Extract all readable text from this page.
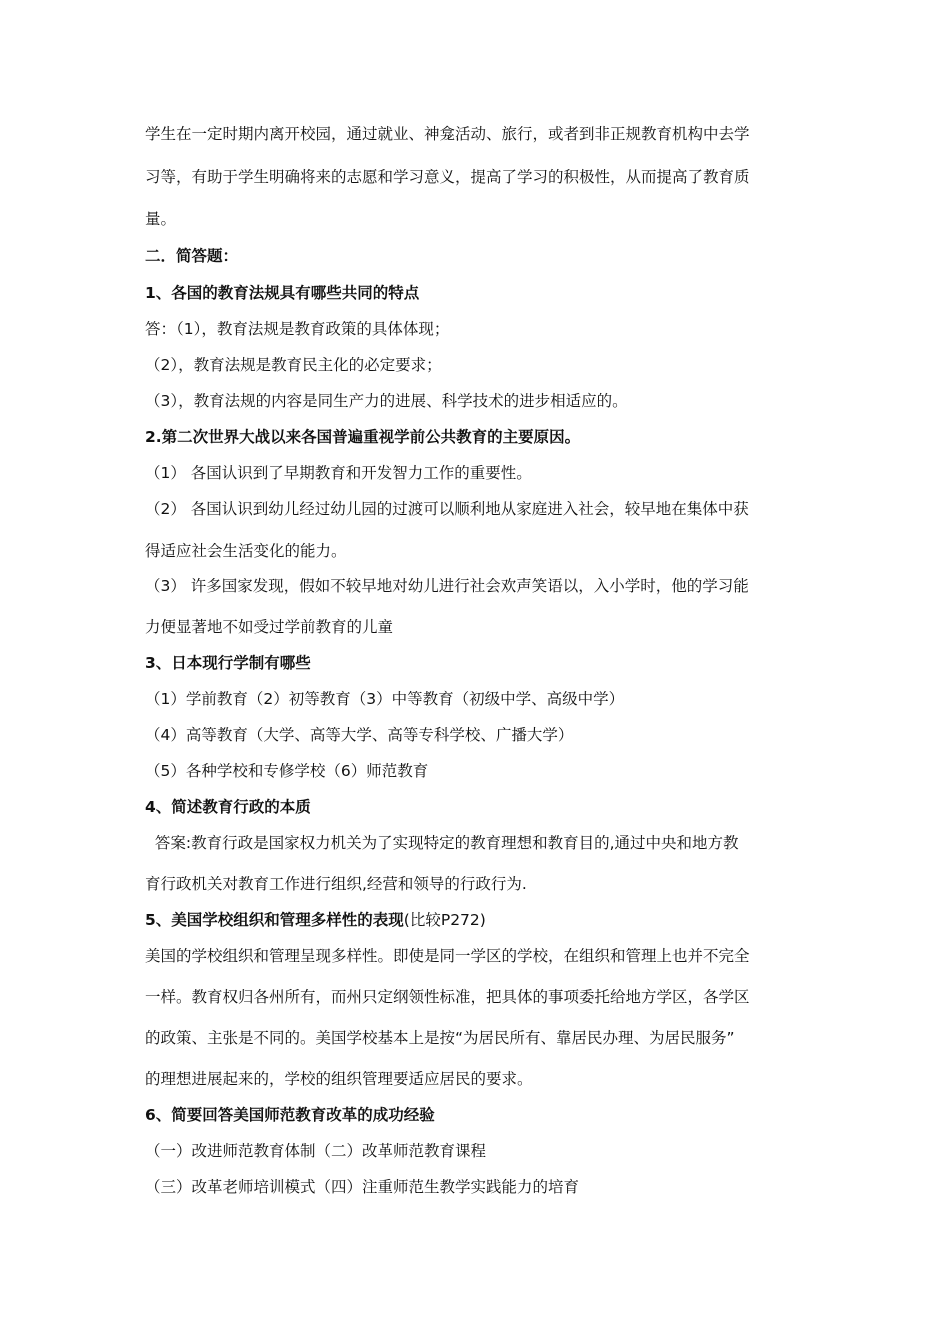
学生在一定时期内离开校园，通过就业、神龛活动、旅行，或者到非正规教育机构中去学
习等，有助于学生明确将来的志愿和学习意义，提高了学习的积极性，从而提高了教育质
量。
二．简答题：
1、各国的教育法规具有哪些共同的特点
答：（1），教育法规是教育政策的具体体现；
（2），教育法规是教育民主化的必定要求；
（3），教育法规的内容是同生产力的进展、科学技术的进步相适应的。
2.第二次世界大战以来各国普遍重视学前公共教育的主要原因。
（1） 各国认识到了早期教育和开发智力工作的重要性。
（2） 各国认识到幼儿经过幼儿园的过渡可以顺利地从家庭进入社会，较早地在集体中获
得适应社会生活变化的能力。
（3） 许多国家发现，假如不较早地对幼儿进行社会欢声笑语以，入小学时，他的学习能
力便显著地不如受过学前教育的儿童
3、日本现行学制有哪些
（1）学前教育（2）初等教育（3）中等教育（初级中学、高级中学）
（4）高等教育（大学、高等大学、高等专科学校、广播大学）
（5）各种学校和专修学校（6）师范教育
4、简述教育行政的本质
答案:教育行政是国家权力机关为了实现特定的教育理想和教育目的,通过中央和地方教
育行政机关对教育工作进行组织,经营和领导的行政行为.
5、美国学校组织和管理多样性的表现(比较P272)
美国的学校组织和管理呈现多样性。即使是同一学区的学校，在组织和管理上也并不完全
一样。教育权归各州所有，而州只定纲领性标准，把具体的事项委托给地方学区，各学区
的政策、主张是不同的。美国学校基本上是按“为居民所有、靠居民办理、为居民服务”
的理想进展起来的，学校的组织管理要适应居民的要求。
6、简要回答美国师范教育改革的成功经验
（一）改进师范教育体制（二）改革师范教育课程
（三）改革老师培训模式（四）注重师范生教学实践能力的培育
